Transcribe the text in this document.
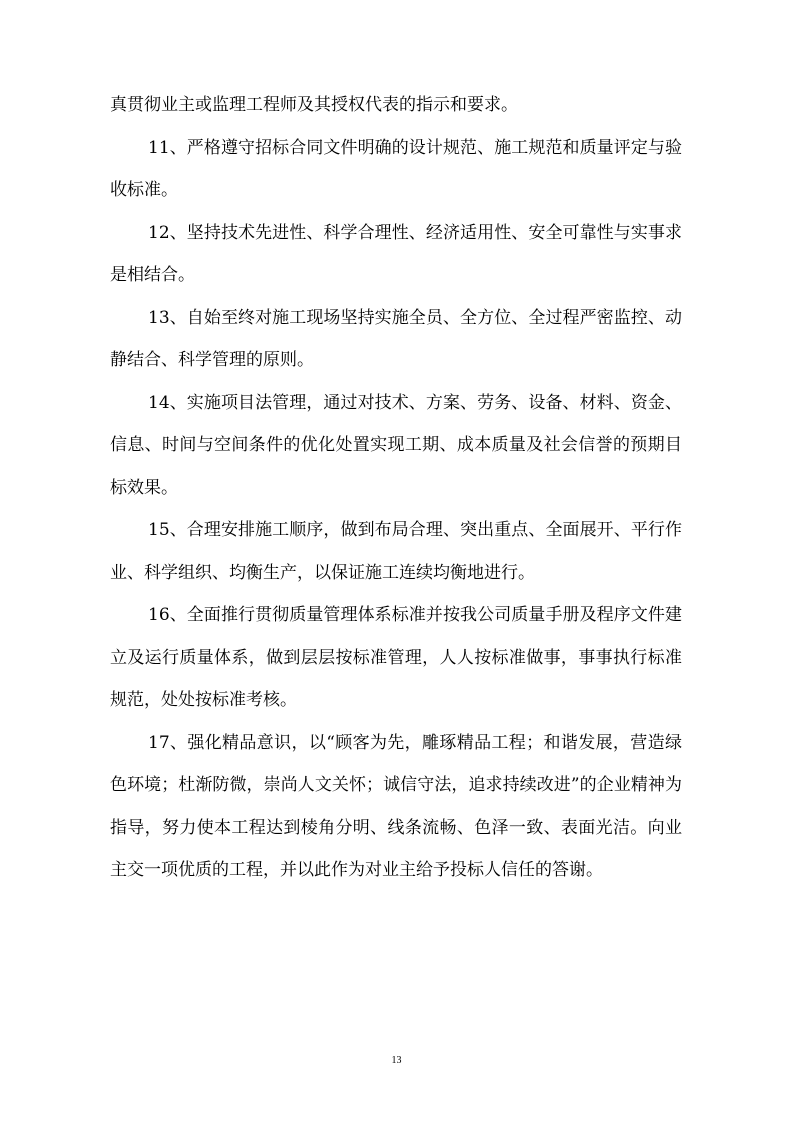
真贯彻业主或监理工程师及其授权代表的指示和要求。

11、严格遵守招标合同文件明确的设计规范、施工规范和质量评定与验收标准。

12、坚持技术先进性、科学合理性、经济适用性、安全可靠性与实事求是相结合。

13、自始至终对施工现场坚持实施全员、全方位、全过程严密监控、动静结合、科学管理的原则。

14、实施项目法管理，通过对技术、方案、劳务、设备、材料、资金、信息、时间与空间条件的优化处置实现工期、成本质量及社会信誉的预期目标效果。

15、合理安排施工顺序，做到布局合理、突出重点、全面展开、平行作业、科学组织、均衡生产，以保证施工连续均衡地进行。

16、全面推行贯彻质量管理体系标准并按我公司质量手册及程序文件建立及运行质量体系，做到层层按标准管理，人人按标准做事，事事执行标准规范，处处按标准考核。

17、强化精品意识，以“顾客为先，雕琢精品工程；和谐发展，营造绿色环境；杜渐防微，崇尚人文关怀；诚信守法，追求持续改进”的企业精神为指导，努力使本工程达到棱角分明、线条流畅、色泽一致、表面光洁。向业主交一项优质的工程，并以此作为对业主给予投标人信任的答谢。

13
